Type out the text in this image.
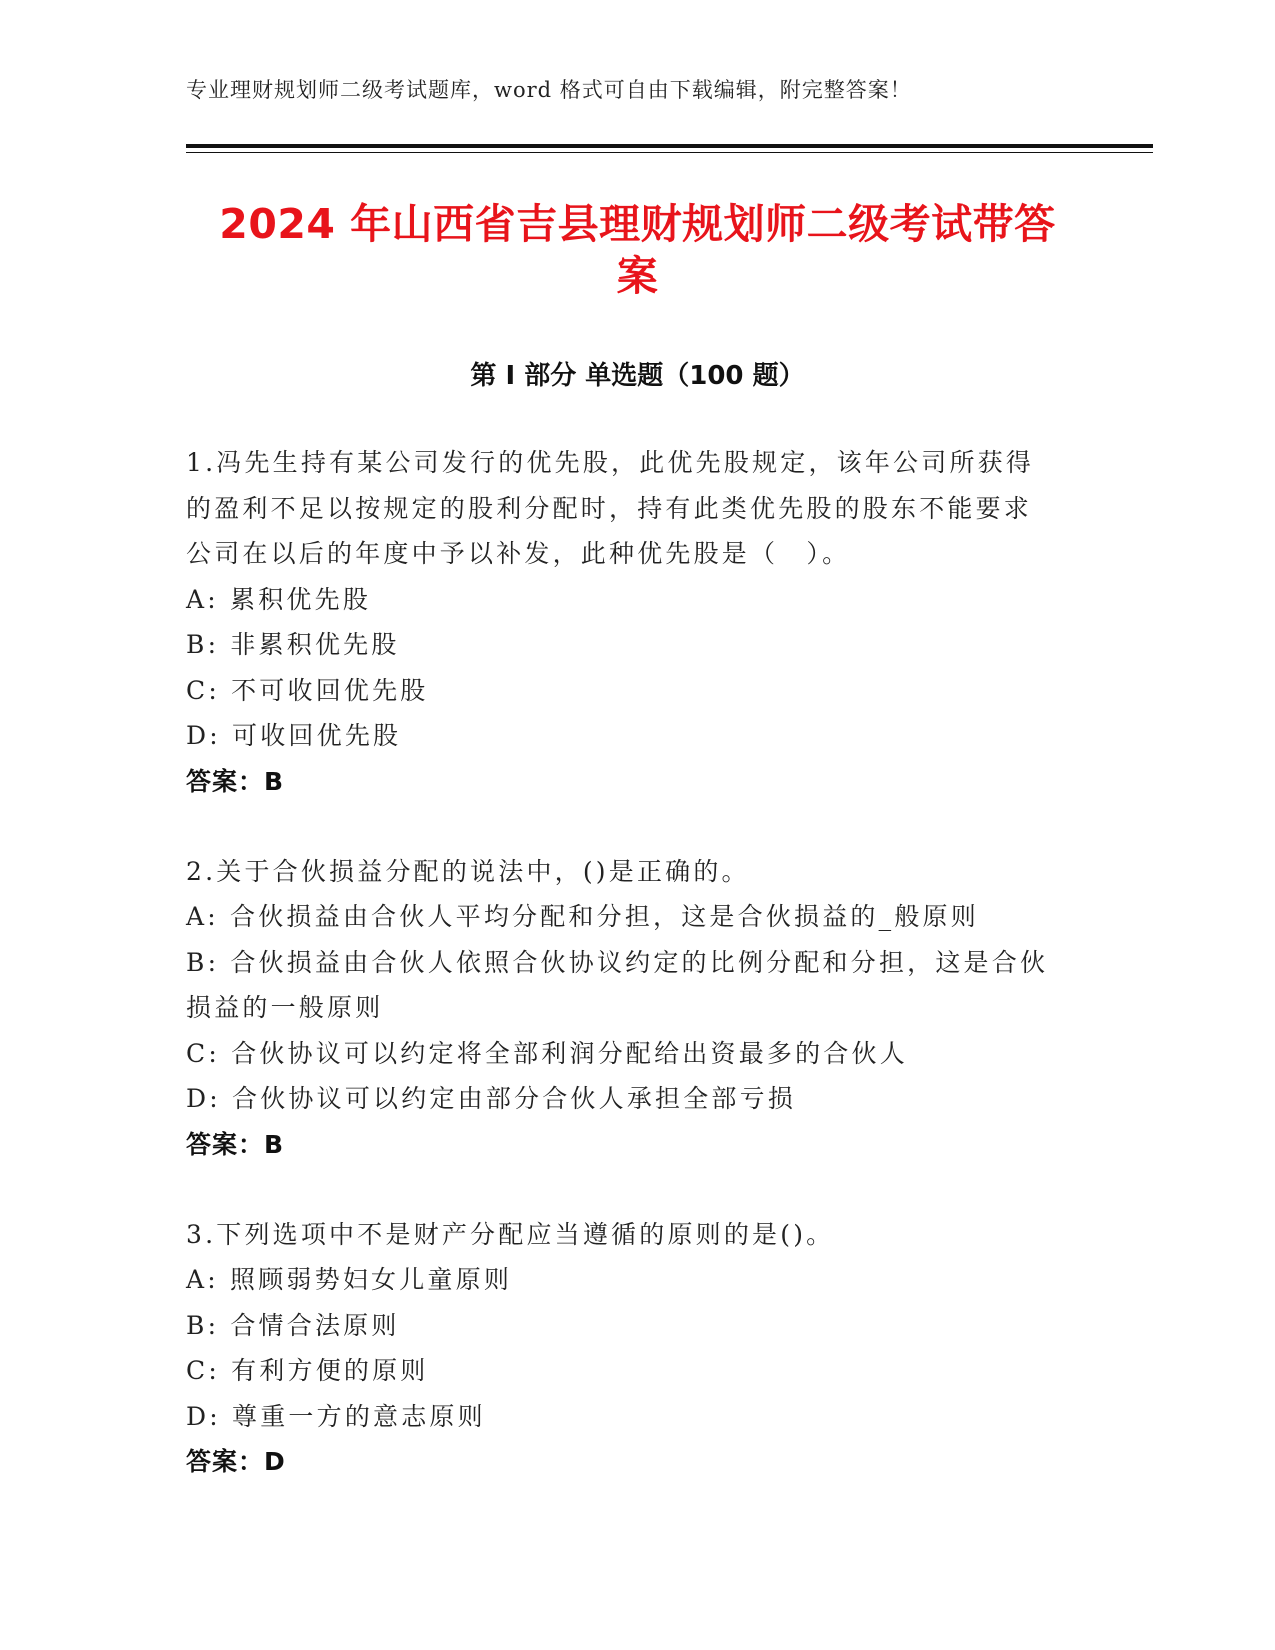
专业理财规划师二级考试题库，word 格式可自由下载编辑，附完整答案！
2024 年山西省吉县理财规划师二级考试带答
案
第 I 部分 单选题（100 题）
1.冯先生持有某公司发行的优先股，此优先股规定，该年公司所获得
的盈利不足以按规定的股利分配时，持有此类优先股的股东不能要求
公司在以后的年度中予以补发，此种优先股是（　）。
A: 累积优先股
B: 非累积优先股
C: 不可收回优先股
D: 可收回优先股
答案：B
2.关于合伙损益分配的说法中，()是正确的。
A: 合伙损益由合伙人平均分配和分担，这是合伙损益的_般原则
B: 合伙损益由合伙人依照合伙协议约定的比例分配和分担，这是合伙
损益的一般原则
C: 合伙协议可以约定将全部利润分配给出资最多的合伙人
D: 合伙协议可以约定由部分合伙人承担全部亏损
答案：B
3.下列选项中不是财产分配应当遵循的原则的是()。
A: 照顾弱势妇女儿童原则
B: 合情合法原则
C: 有利方便的原则
D: 尊重一方的意志原则
答案：D
